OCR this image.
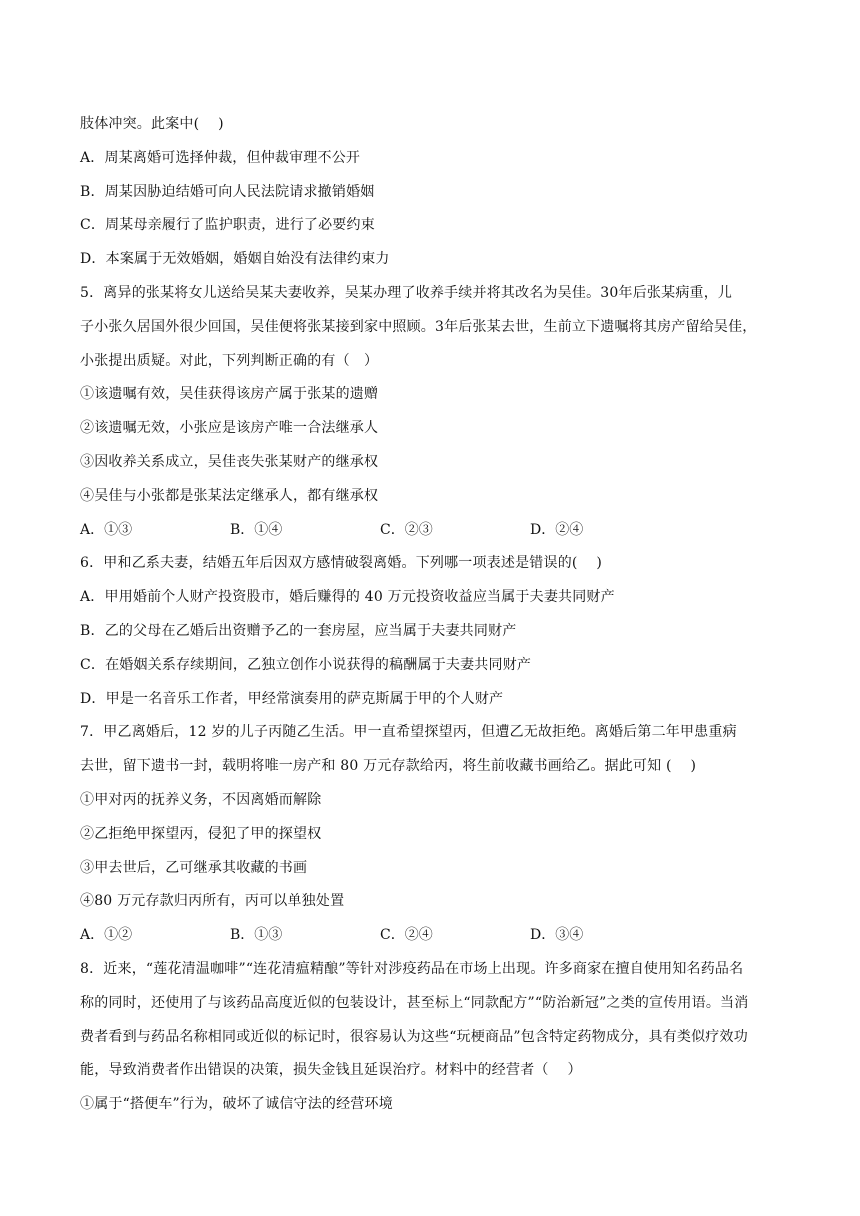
肢体冲突。此案中(　 )
A．周某离婚可选择仲裁，但仲裁审理不公开
B．周某因胁迫结婚可向人民法院请求撤销婚姻
C．周某母亲履行了监护职责，进行了必要约束
D．本案属于无效婚姻，婚姻自始没有法律约束力
5．离异的张某将女儿送给吴某夫妻收养，吴某办理了收养手续并将其改名为吴佳。30年后张某病重，儿
子小张久居国外很少回国，吴佳便将张某接到家中照顾。3年后张某去世，生前立下遗嘱将其房产留给吴佳，
小张提出质疑。对此，下列判断正确的有（　）
①该遗嘱有效，吴佳获得该房产属于张某的遗赠
②该遗嘱无效，小张应是该房产唯一合法继承人
③因收养关系成立，吴佳丧失张某财产的继承权
④吴佳与小张都是张某法定继承人，都有继承权
A．①③	B．①④	C．②③	D．②④
6．甲和乙系夫妻，结婚五年后因双方感情破裂离婚。下列哪一项表述是错误的(　 )
A．甲用婚前个人财产投资股市，婚后赚得的 40 万元投资收益应当属于夫妻共同财产
B．乙的父母在乙婚后出资赠予乙的一套房屋，应当属于夫妻共同财产
C．在婚姻关系存续期间，乙独立创作小说获得的稿酬属于夫妻共同财产
D．甲是一名音乐工作者，甲经常演奏用的萨克斯属于甲的个人财产
7．甲乙离婚后，12 岁的儿子丙随乙生活。甲一直希望探望丙，但遭乙无故拒绝。离婚后第二年甲患重病
去世，留下遗书一封，载明将唯一房产和 80 万元存款给丙，将生前收藏书画给乙。据此可知 (　 )
①甲对丙的抚养义务，不因离婚而解除
②乙拒绝甲探望丙，侵犯了甲的探望权
③甲去世后，乙可继承其收藏的书画
④80 万元存款归丙所有，丙可以单独处置
A．①②	B．①③	C．②④	D．③④
8．近来，“莲花清温咖啡”“连花清瘟精酿”等针对涉疫药品在市场上出现。许多商家在擅自使用知名药品名
称的同时，还使用了与该药品高度近似的包装设计，甚至标上“同款配方”“防治新冠”之类的宣传用语。当消
费者看到与药品名称相同或近似的标记时，很容易认为这些“玩梗商品”包含特定药物成分，具有类似疗效功
能，导致消费者作出错误的决策，损失金钱且延误治疗。材料中的经营者（　 ）
①属于“搭便车”行为，破坏了诚信守法的经营环境
